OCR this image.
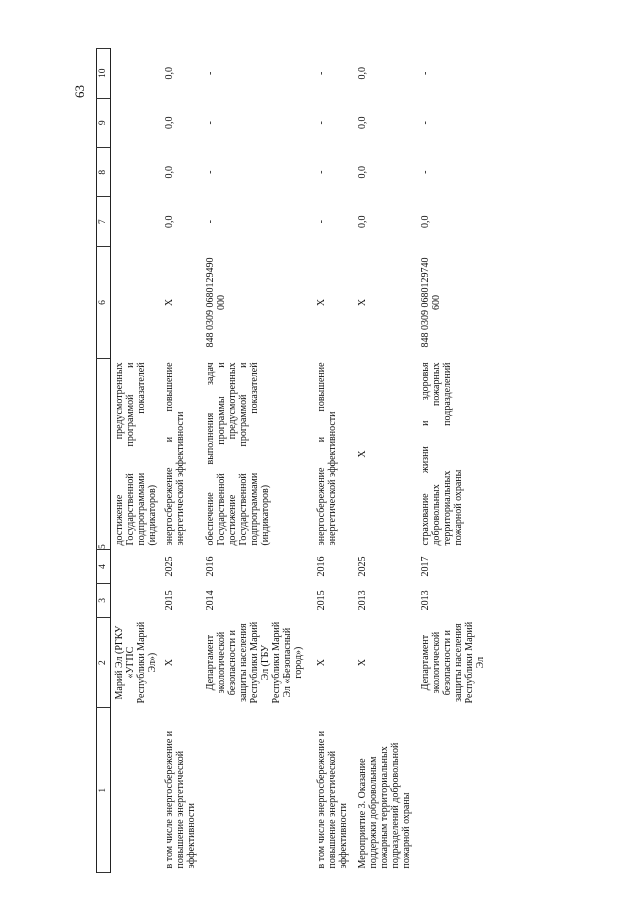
63
1	2	3	4	5	6	7	8	9	10
	Марий Эл (РГКУ «УГПС Республики Марий Эл»)			достижение предусмотренных Государственной программой и подпрограммами показателей (индикаторов)					
в том числе энергосбережение и повышение энергетической эффективности	X	2015	2025	энергосбережение и повышение энергетической эффективности	X	0,0	0,0	0,0	0,0
	Департамент экологической безопасности и защиты населения Республики Марий Эл (ГБУ Республики Марий Эл «Безопасный город»)	2014	2016	обеспечение выполнения задач Государственной программы и достижение предусмотренных Государственной программой и подпрограммами показателей (индикаторов)	848 0309 0680129490 000	-	-	-	-
в том числе энергосбережение и повышение энергетической эффективности	X	2015	2016	энергосбережение и повышение энергетической эффективности	X	-	-	-	-
Мероприятие 3. Оказание поддержки добровольным пожарным территориальных подразделений добровольной пожарной охраны	X	2013	2025	X	X	0,0	0,0	0,0	0,0
	Департамент экологической безопасности и защиты населения Республики Марий Эл	2013	2017	страхование жизни и здоровья добровольных пожарных территориальных подразделений пожарной охраны	848 0309 0680129740 600	0,0	-	-	-
